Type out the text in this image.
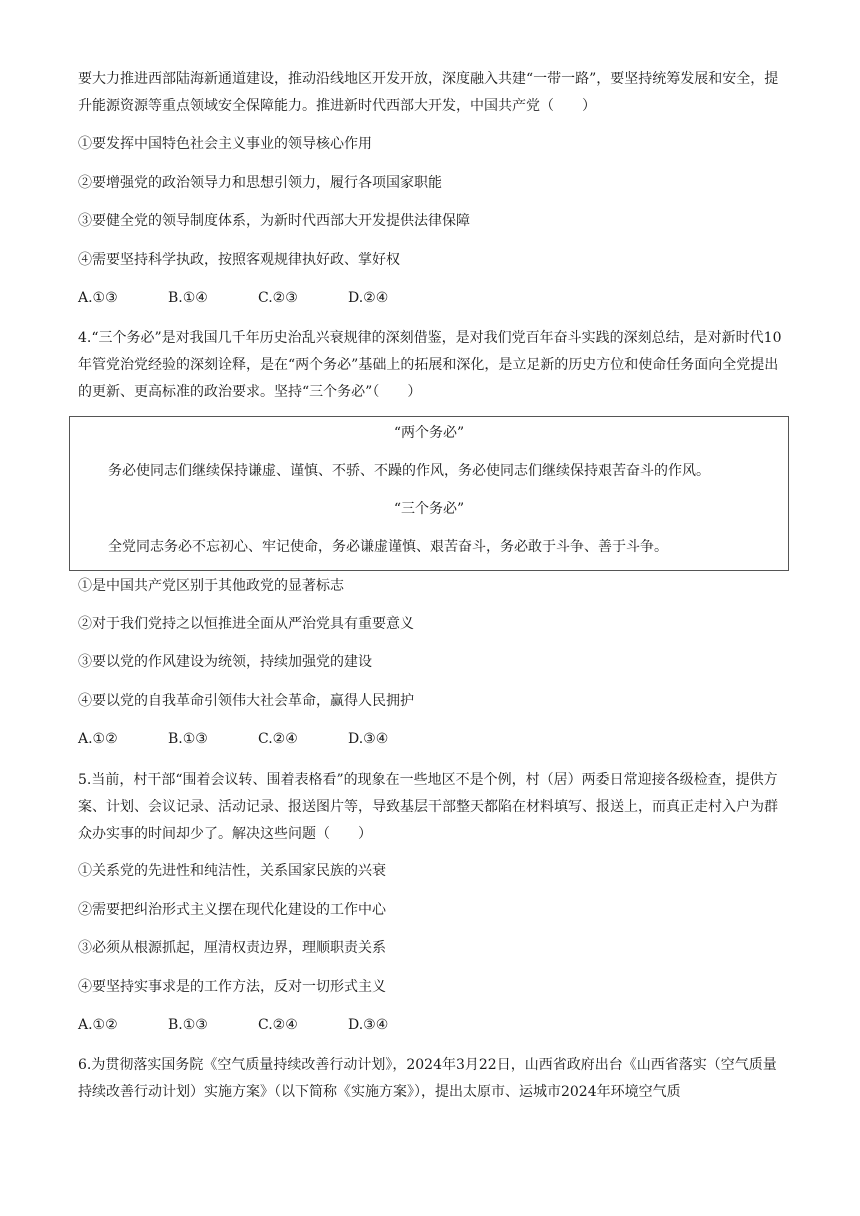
要大力推进西部陆海新通道建设，推动沿线地区开发开放，深度融入共建“一带一路”，要坚持统筹发展和安全，提升能源资源等重点领域安全保障能力。推进新时代西部大开发，中国共产党（　　）

①要发挥中国特色社会主义事业的领导核心作用
②要增强党的政治领导力和思想引领力，履行各项国家职能
③要健全党的领导制度体系，为新时代西部大开发提供法律保障
④需要坚持科学执政，按照客观规律执好政、掌好权
A.①③	B.①④	C.②③	D.②④

4.“三个务必”是对我国几千年历史治乱兴衰规律的深刻借鉴，是对我们党百年奋斗实践的深刻总结，是对新时代10年管党治党经验的深刻诠释，是在“两个务必”基础上的拓展和深化，是立足新的历史方位和使命任务面向全党提出的更新、更高标准的政治要求。坚持“三个务必”（　　）

“两个务必”
务必使同志们继续保持谦虚、谨慎、不骄、不躁的作风，务必使同志们继续保持艰苦奋斗的作风。
“三个务必”
全党同志务必不忘初心、牢记使命，务必谦虚谨慎、艰苦奋斗，务必敢于斗争、善于斗争。
①是中国共产党区别于其他政党的显著标志
②对于我们党持之以恒推进全面从严治党具有重要意义
③要以党的作风建设为统领，持续加强党的建设
④要以党的自我革命引领伟大社会革命，赢得人民拥护
A.①②	B.①③	C.②④	D.③④

5.当前，村干部“围着会议转、围着表格看”的现象在一些地区不是个例，村（居）两委日常迎接各级检查，提供方案、计划、会议记录、活动记录、报送图片等，导致基层干部整天都陷在材料填写、报送上，而真正走村入户为群众办实事的时间却少了。解决这些问题（　　）

①关系党的先进性和纯洁性，关系国家民族的兴衰
②需要把纠治形式主义摆在现代化建设的工作中心
③必须从根源抓起，厘清权责边界，理顺职责关系
④要坚持实事求是的工作方法，反对一切形式主义
A.①②	B.①③	C.②④	D.③④

6.为贯彻落实国务院《空气质量持续改善行动计划》，2024年3月22日，山西省政府出台《山西省落实（空气质量持续改善行动计划）实施方案》（以下简称《实施方案》），提出太原市、运城市2024年环境空气质
